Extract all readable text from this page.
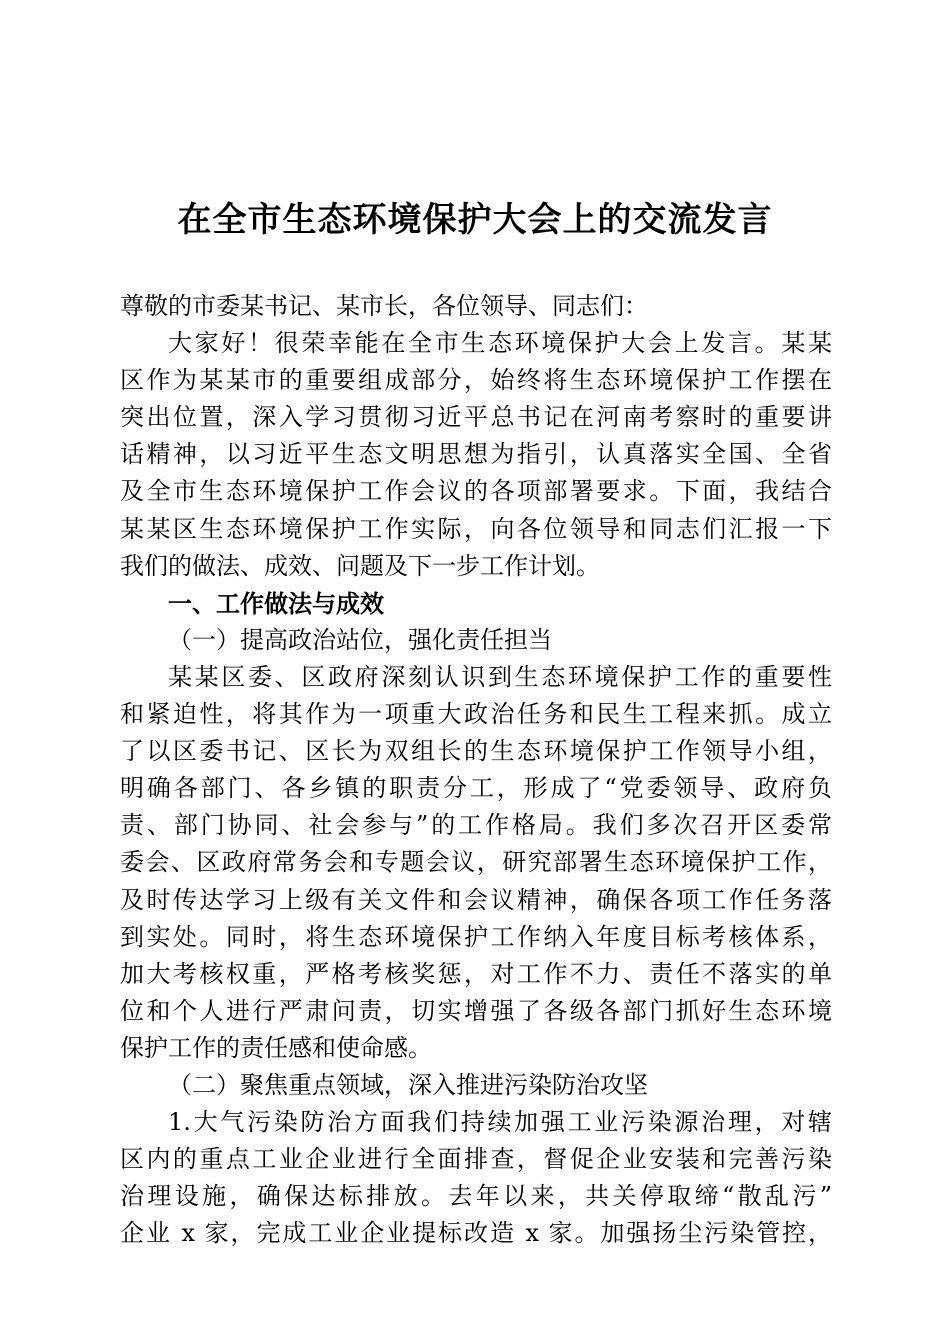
在全市生态环境保护大会上的交流发言
尊敬的市委某书记、某市长，各位领导、同志们：
大家好！很荣幸能在全市生态环境保护大会上发言。某某
区作为某某市的重要组成部分，始终将生态环境保护工作摆在
突出位置，深入学习贯彻习近平总书记在河南考察时的重要讲
话精神，以习近平生态文明思想为指引，认真落实全国、全省
及全市生态环境保护工作会议的各项部署要求。下面，我结合
某某区生态环境保护工作实际，向各位领导和同志们汇报一下
我们的做法、成效、问题及下一步工作计划。
一、工作做法与成效
（一）提高政治站位，强化责任担当
某某区委、区政府深刻认识到生态环境保护工作的重要性
和紧迫性，将其作为一项重大政治任务和民生工程来抓。成立
了以区委书记、区长为双组长的生态环境保护工作领导小组，
明确各部门、各乡镇的职责分工，形成了“党委领导、政府负
责、部门协同、社会参与”的工作格局。我们多次召开区委常
委会、区政府常务会和专题会议，研究部署生态环境保护工作，
及时传达学习上级有关文件和会议精神，确保各项工作任务落
到实处。同时，将生态环境保护工作纳入年度目标考核体系，
加大考核权重，严格考核奖惩，对工作不力、责任不落实的单
位和个人进行严肃问责，切实增强了各级各部门抓好生态环境
保护工作的责任感和使命感。
（二）聚焦重点领域，深入推进污染防治攻坚
1.大气污染防治方面我们持续加强工业污染源治理，对辖
区内的重点工业企业进行全面排查，督促企业安装和完善污染
治理设施，确保达标排放。去年以来，共关停取缔“散乱污”
企业 x 家，完成工业企业提标改造 x 家。加强扬尘污染管控，
